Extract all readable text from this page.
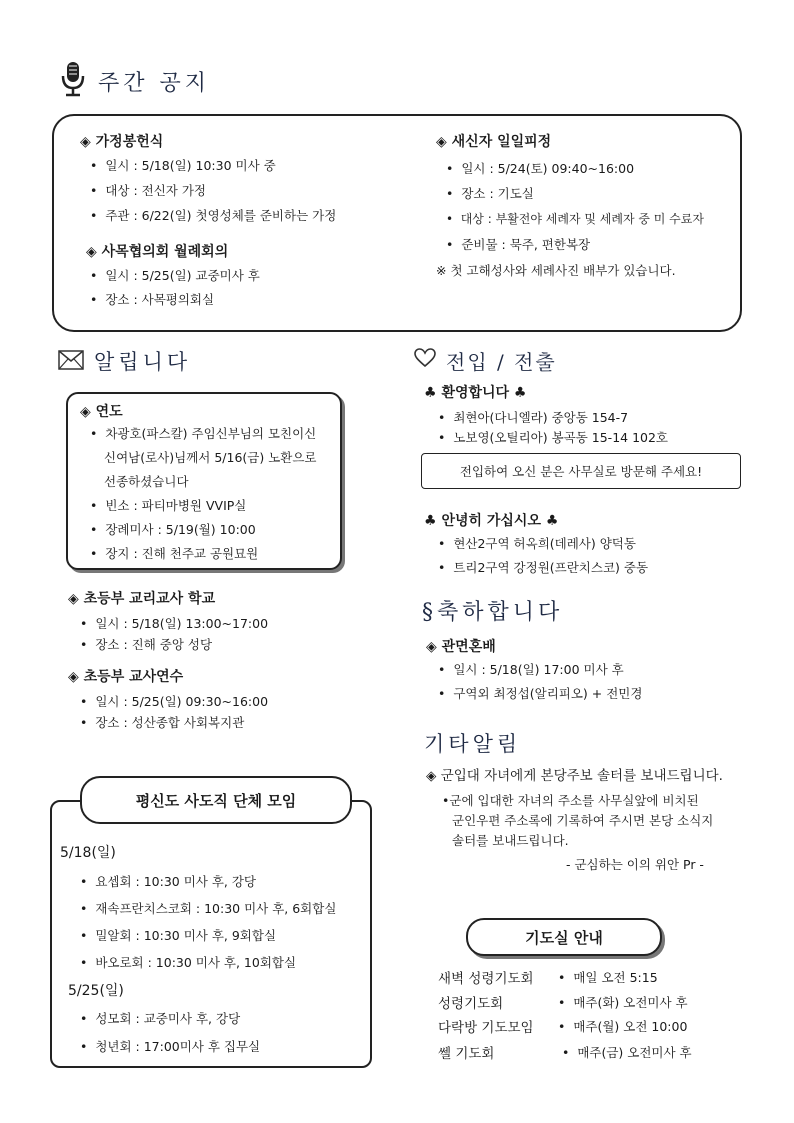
주간 공지
◈ 가정봉헌식
•  일시 : 5/18(일) 10:30 미사 중
•  대상 : 전신자 가정
•  주관 : 6/22(일) 첫영성체를 준비하는 가정
◈ 사목협의회 월례회의
•  일시 : 5/25(일) 교중미사 후
•  장소 : 사목평의회실
◈ 새신자 일일피정
•  일시 : 5/24(토) 09:40~16:00
•  장소 : 기도실
•  대상 : 부활전야 세례자 및 세례자 중 미 수료자
•  준비물 : 묵주, 편한복장
※ 첫 고해성사와 세례사진 배부가 있습니다.
알립니다
◈ 연도
•  차광호(파스칼) 주임신부님의 모친이신
신여남(로사)님께서 5/16(금) 노환으로
선종하셨습니다
•  빈소 : 파티마병원 VVIP실
•  장례미사 : 5/19(월) 10:00
•  장지 : 진해 천주교 공원묘원
◈ 초등부 교리교사 학교
•  일시 : 5/18(일) 13:00~17:00
•  장소 : 진해 중앙 성당
◈ 초등부 교사연수
•  일시 : 5/25(일) 09:30~16:00
•  장소 : 성산종합 사회복지관
전입 / 전출
♣ 환영합니다 ♣
•  최현아(다니엘라) 중앙동 154-7
•  노보영(오틸리아) 봉곡동 15-14 102호
전입하여 오신 분은 사무실로 방문해 주세요!
♣ 안녕히 가십시오 ♣
•  현산2구역 허옥희(데레사) 양덕동
•  트리2구역 강정원(프란치스코) 중동
§축하합니다
◈ 관면혼배
•  일시 : 5/18(일) 17:00 미사 후
•  구역외 최정섭(알리피오) + 전민경
기타알림
◈ 군입대 자녀에게 본당주보 솔터를 보내드립니다.
•군에 입대한 자녀의 주소를 사무실앞에 비치된
군인우편 주소록에 기록하여 주시면 본당 소식지
솔터를 보내드립니다.
- 군심하는 이의 위안 Pr -
평신도 사도직 단체 모임
5/18(일)
•  요셉회 : 10:30 미사 후, 강당
•  재속프란치스코회 : 10:30 미사 후, 6회합실
•  밀알회 : 10:30 미사 후, 9회합실
•  바오로회 : 10:30 미사 후, 10회합실
5/25(일)
•  성모회 : 교중미사 후, 강당
•  청년회 : 17:00미사 후 집무실
기도실 안내
새벽 성령기도회 •  매일 오전 5:15
성령기도회	•  매주(화) 오전미사 후
다락방 기도모임 •  매주(월) 오전 10:00
쎌 기도회	•  매주(금) 오전미사 후
